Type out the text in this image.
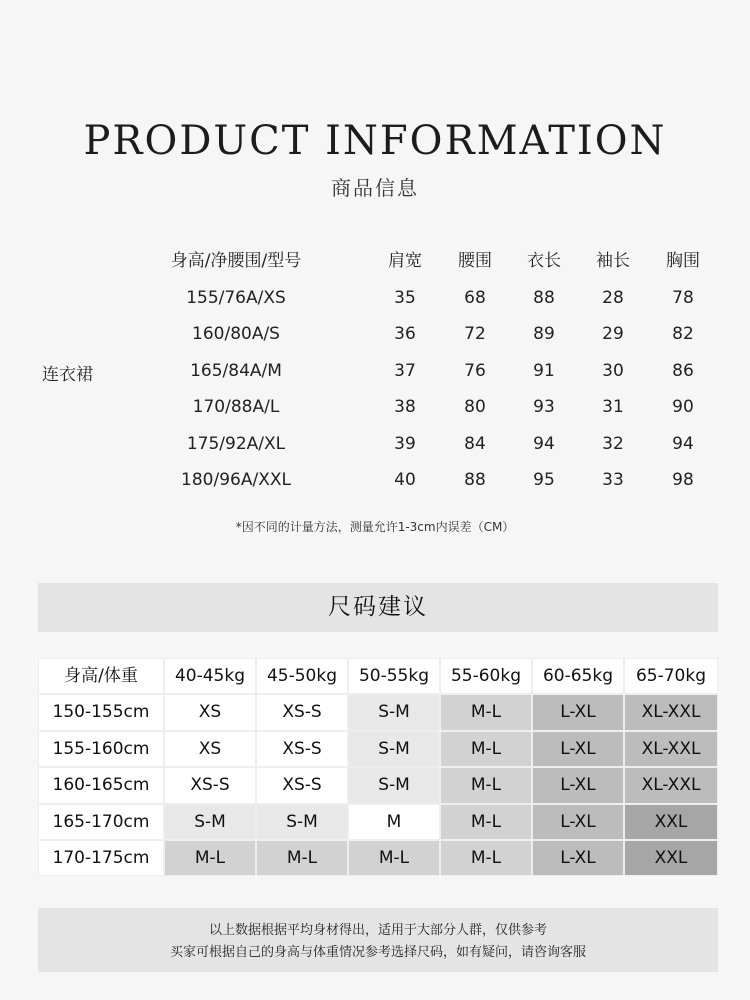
PRODUCT INFORMATION
商品信息
连衣裙
身高/净腰围/型号	肩宽	腰围	衣长	袖长	胸围
155/76A/XS	35	68	88	28	78
160/80A/S	36	72	89	29	82
165/84A/M	37	76	91	30	86
170/88A/L	38	80	93	31	90
175/92A/XL	39	84	94	32	94
180/96A/XXL	40	88	95	33	98
*因不同的计量方法，测量允许1-3cm内误差（CM）
尺码建议
身高/体重	40-45kg	45-50kg	50-55kg	55-60kg	60-65kg	65-70kg
150-155cm	XS	XS-S	S-M	M-L	L-XL	XL-XXL
155-160cm	XS	XS-S	S-M	M-L	L-XL	XL-XXL
160-165cm	XS-S	XS-S	S-M	M-L	L-XL	XL-XXL
165-170cm	S-M	S-M	M	M-L	L-XL	XXL
170-175cm	M-L	M-L	M-L	M-L	L-XL	XXL
以上数据根据平均身材得出，适用于大部分人群，仅供参考
买家可根据自己的身高与体重情况参考选择尺码，如有疑问，请咨询客服
